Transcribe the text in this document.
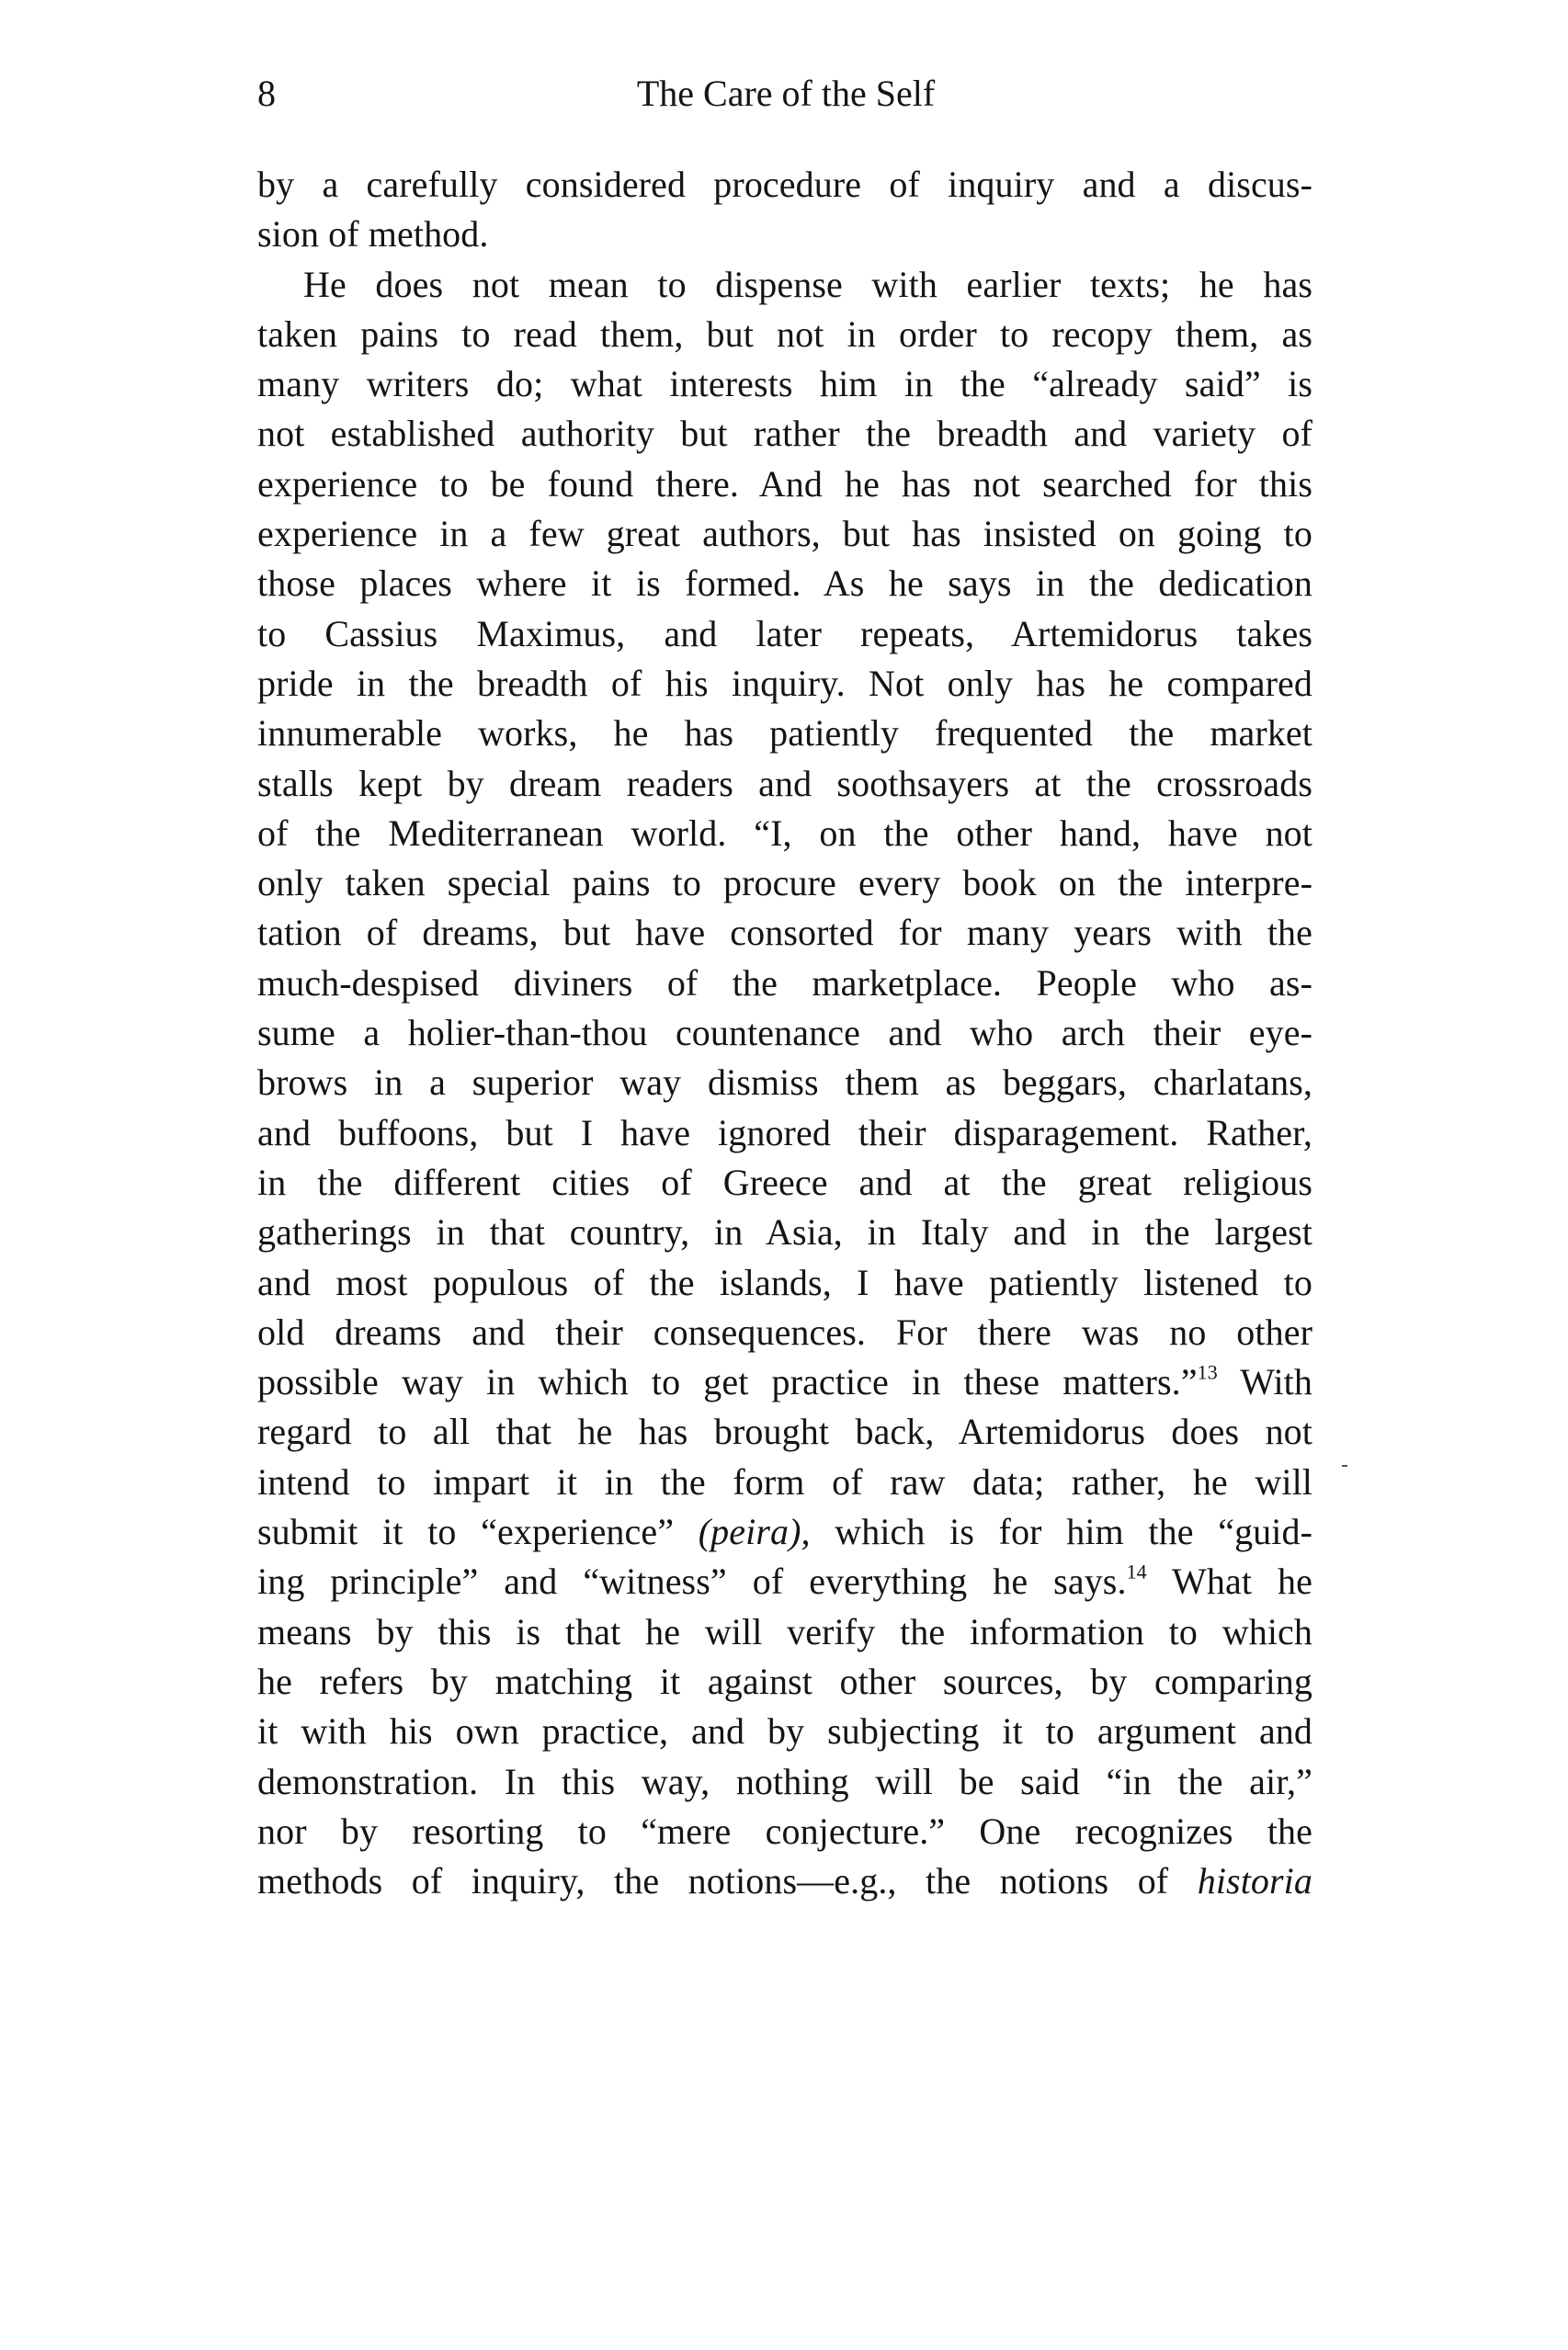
8	The Care of the Self
by a carefully considered procedure of inquiry and a discus-
sion of method.
He does not mean to dispense with earlier texts; he has
taken pains to read them, but not in order to recopy them, as
many writers do; what interests him in the “already said” is
not established authority but rather the breadth and variety of
experience to be found there. And he has not searched for this
experience in a few great authors, but has insisted on going to
those places where it is formed. As he says in the dedication
to Cassius Maximus, and later repeats, Artemidorus takes
pride in the breadth of his inquiry. Not only has he compared
innumerable works, he has patiently frequented the market
stalls kept by dream readers and soothsayers at the crossroads
of the Mediterranean world. “I, on the other hand, have not
only taken special pains to procure every book on the interpre-
tation of dreams, but have consorted for many years with the
much-despised diviners of the marketplace. People who as-
sume a holier-than-thou countenance and who arch their eye-
brows in a superior way dismiss them as beggars, charlatans,
and buffoons, but I have ignored their disparagement. Rather,
in the different cities of Greece and at the great religious
gatherings in that country, in Asia, in Italy and in the largest
and most populous of the islands, I have patiently listened to
old dreams and their consequences. For there was no other
possible way in which to get practice in these matters.”$^{13}$ With
regard to all that he has brought back, Artemidorus does not
intend to impart it in the form of raw data; rather, he will
submit it to “experience” (peira), which is for him the “guid-
ing principle” and “witness” of everything he says.$^{14}$ What he
means by this is that he will verify the information to which
he refers by matching it against other sources, by comparing
it with his own practice, and by subjecting it to argument and
demonstration. In this way, nothing will be said “in the air,”
nor by resorting to “mere conjecture.” One recognizes the
methods of inquiry, the notions—e.g., the notions of historia
